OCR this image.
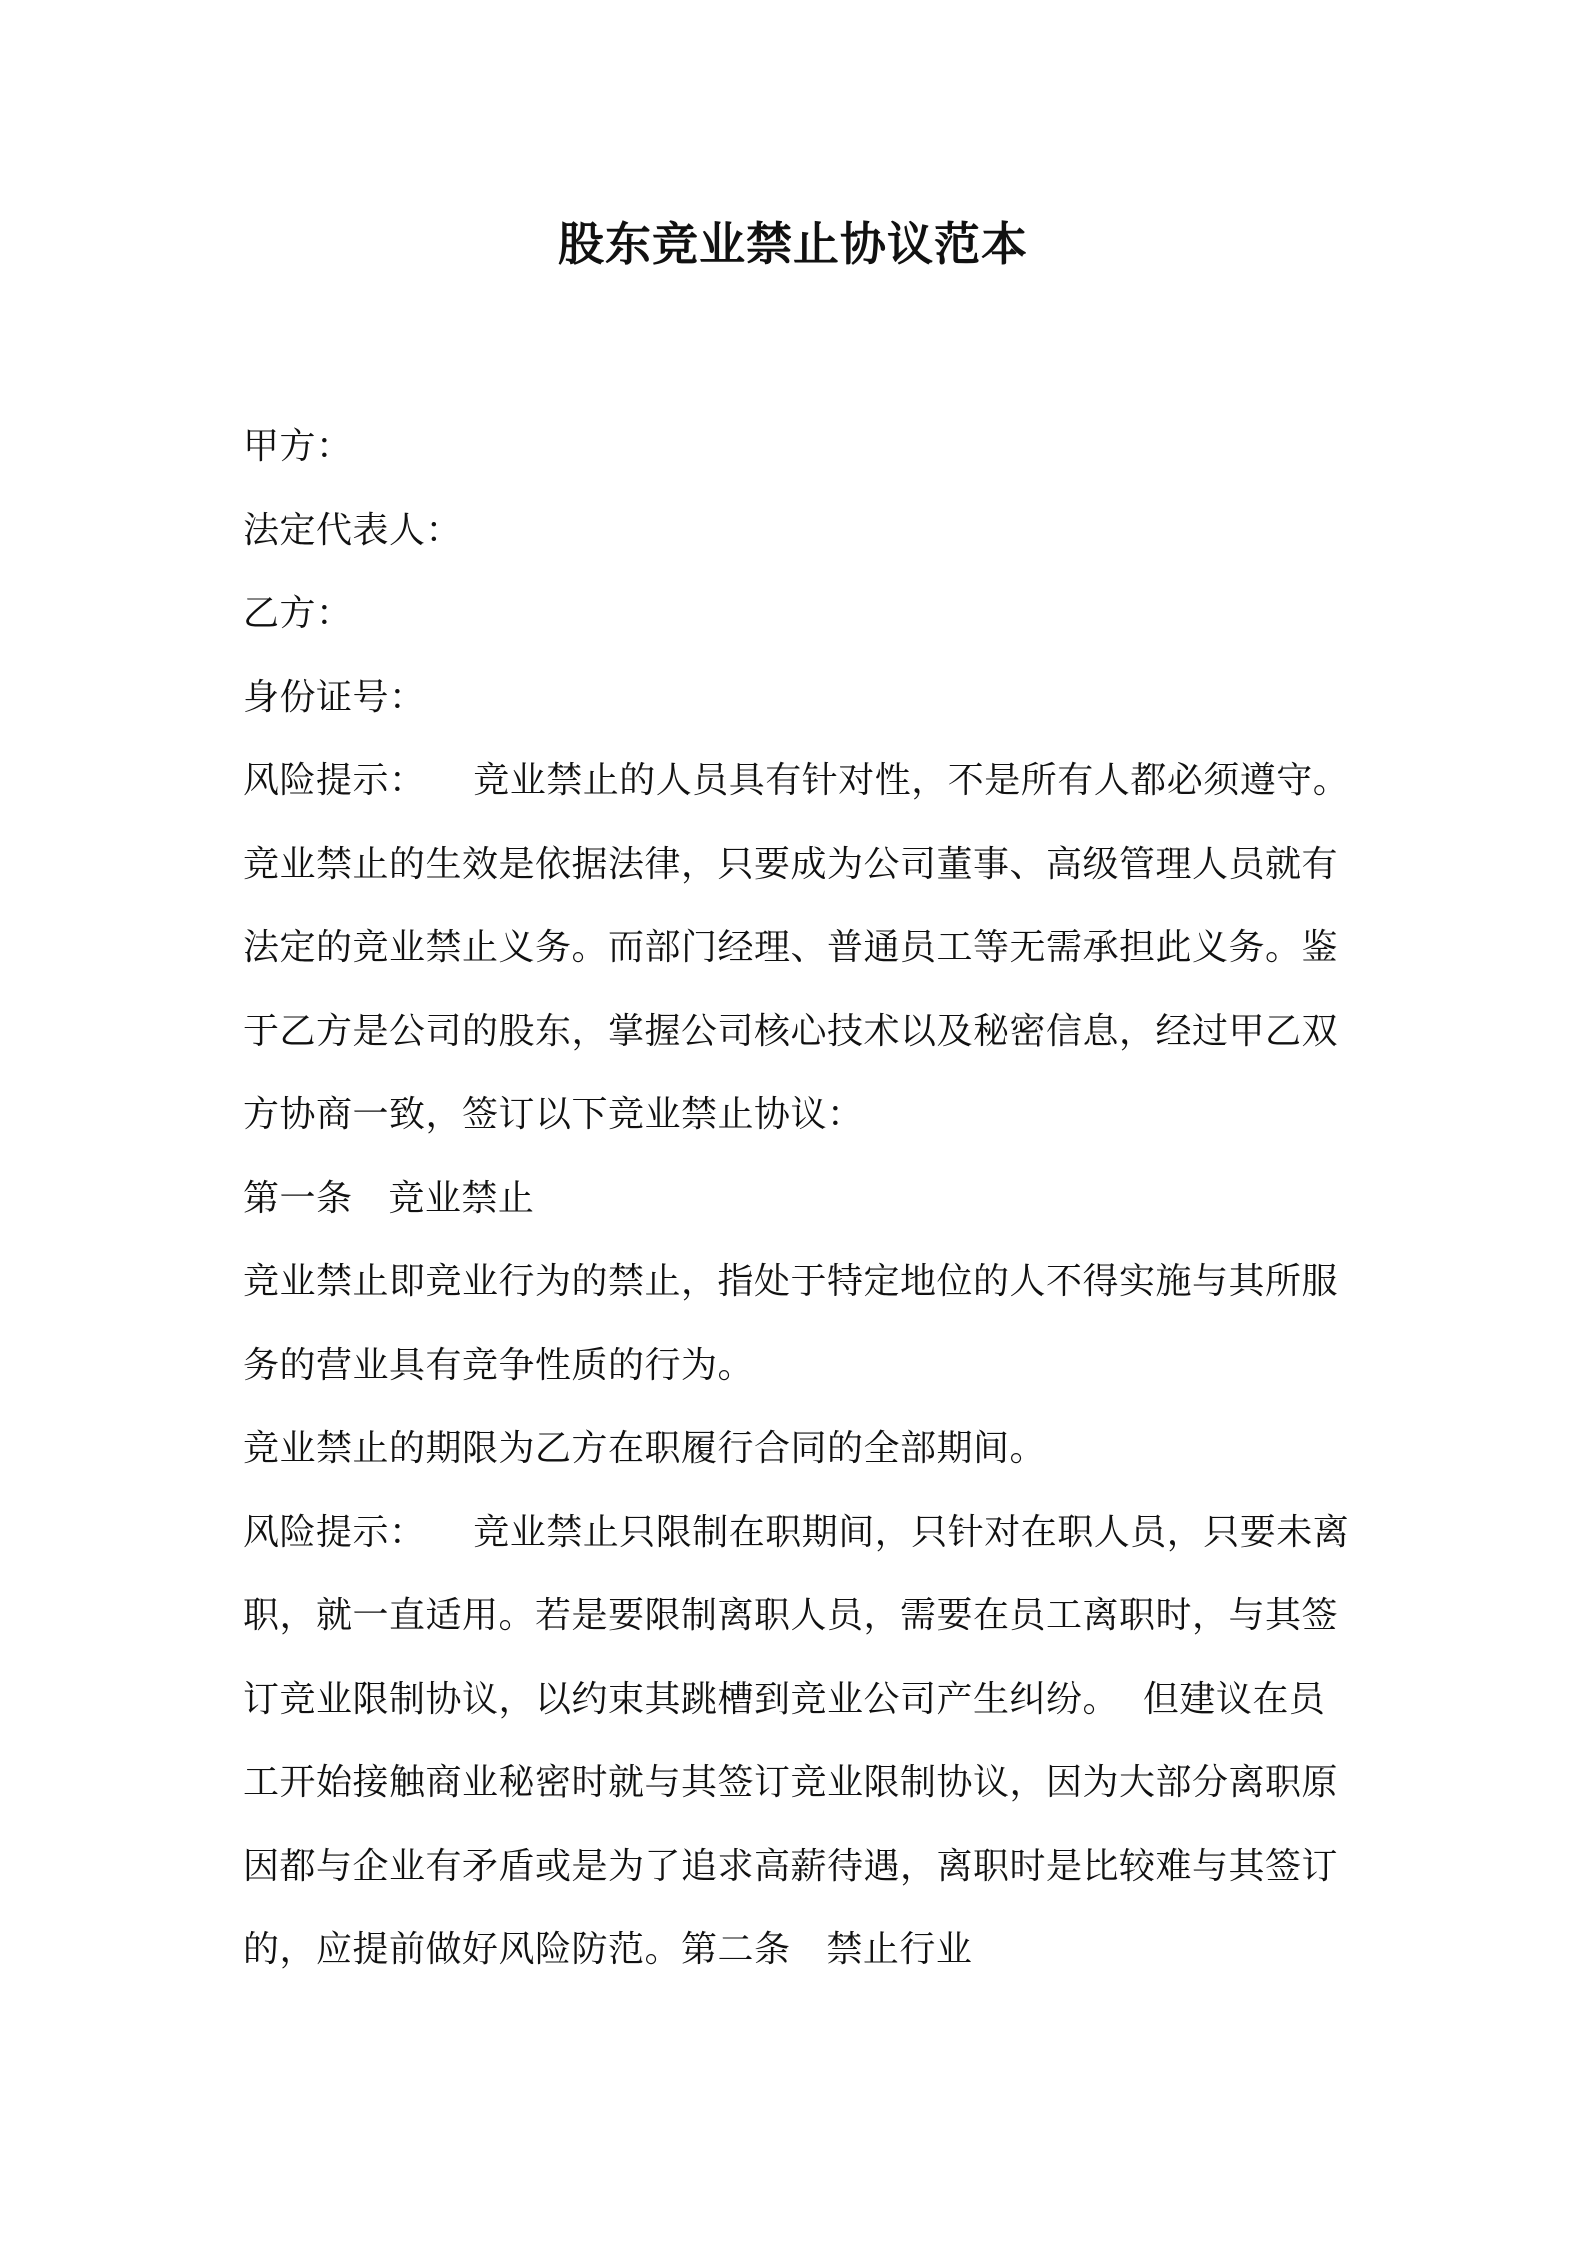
股东竞业禁止协议范本
甲方：
法定代表人：
乙方：
身份证号：
风险提示：    竞业禁止的人员具有针对性，不是所有人都必须遵守。
竞业禁止的生效是依据法律，只要成为公司董事、高级管理人员就有
法定的竞业禁止义务。而部门经理、普通员工等无需承担此义务。鉴
于乙方是公司的股东，掌握公司核心技术以及秘密信息，经过甲乙双
方协商一致，签订以下竞业禁止协议：
第一条   竞业禁止
竞业禁止即竞业行为的禁止，指处于特定地位的人不得实施与其所服
务的营业具有竞争性质的行为。
竞业禁止的期限为乙方在职履行合同的全部期间。
风险提示：    竞业禁止只限制在职期间，只针对在职人员，只要未离
职，就一直适用。若是要限制离职人员，需要在员工离职时，与其签
订竞业限制协议，以约束其跳槽到竞业公司产生纠纷。  但建议在员
工开始接触商业秘密时就与其签订竞业限制协议，因为大部分离职原
因都与企业有矛盾或是为了追求高薪待遇，离职时是比较难与其签订
的，应提前做好风险防范。第二条   禁止行业
